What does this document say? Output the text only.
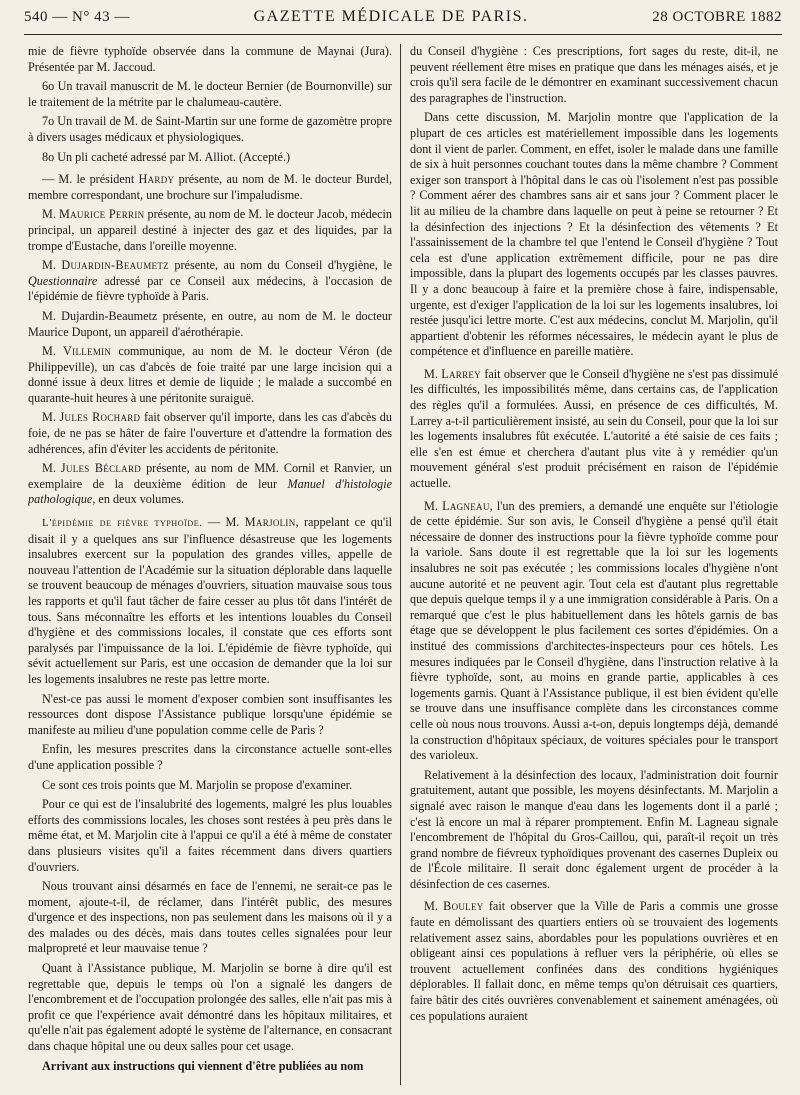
540 — N° 43 —	GAZETTE MÉDICALE DE PARIS.	28 OCTOBRE 1882

mie de fièvre typhoïde observée dans la commune de Maynai (Jura). Présentée par M. Jaccoud.

6o Un travail manuscrit de M. le docteur Bernier (de Bournonville) sur le traitement de la métrite par le chalumeau-cautère.

7o Un travail de M. de Saint-Martin sur une forme de gazomètre propre à divers usages médicaux et physiologiques.

8o Un pli cacheté adressé par M. Alliot. (Accepté.)

— M. le président Hardy présente, au nom de M. le docteur Burdel, membre correspondant, une brochure sur l'impaludisme.

M. Maurice Perrin présente, au nom de M. le docteur Jacob, médecin principal, un appareil destiné à injecter des gaz et des liquides, par la trompe d'Eustache, dans l'oreille moyenne.

M. Dujardin-Beaumetz présente, au nom du Conseil d'hygiène, le Questionnaire adressé par ce Conseil aux médecins, à l'occasion de l'épidémie de fièvre typhoïde à Paris.

M. Dujardin-Beaumetz présente, en outre, au nom de M. le docteur Maurice Dupont, un appareil d'aérothérapie.

M. Villemin communique, au nom de M. le docteur Véron (de Philippeville), un cas d'abcès de foie traité par une large incision qui a donné issue à deux litres et demie de liquide ; le malade a succombé en quarante-huit heures à une péritonite suraiguë.

M. Jules Rochard fait observer qu'il importe, dans les cas d'abcès du foie, de ne pas se hâter de faire l'ouverture et d'attendre la formation des adhérences, afin d'éviter les accidents de péritonite.

M. Jules Béclard présente, au nom de MM. Cornil et Ranvier, un exemplaire de la deuxième édition de leur Manuel d'histologie pathologique, en deux volumes.

L'épidémie de fièvre typhoïde. — M. Marjolin, rappelant ce qu'il disait il y a quelques ans sur l'influence désastreuse que les logements insalubres exercent sur la population des grandes villes, appelle de nouveau l'attention de l'Académie sur la situation déplorable dans laquelle se trouvent beaucoup de ménages d'ouvriers, situation mauvaise sous tous les rapports et qu'il faut tâcher de faire cesser au plus tôt dans l'intérêt de tous. Sans méconnaître les efforts et les intentions louables du Conseil d'hygiène et des commissions locales, il constate que ces efforts sont paralysés par l'impuissance de la loi. L'épidémie de fièvre typhoïde, qui sévit actuellement sur Paris, est une occasion de demander que la loi sur les logements insalubres ne reste pas lettre morte.

N'est-ce pas aussi le moment d'exposer combien sont insuffisantes les ressources dont dispose l'Assistance publique lorsqu'une épidémie se manifeste au milieu d'une population comme celle de Paris ?

Enfin, les mesures prescrites dans la circonstance actuelle sont-elles d'une application possible ?

Ce sont ces trois points que M. Marjolin se propose d'examiner.

Pour ce qui est de l'insalubrité des logements, malgré les plus louables efforts des commissions locales, les choses sont restées à peu près dans le même état, et M. Marjolin cite à l'appui ce qu'il a été à même de constater dans plusieurs visites qu'il a faites récemment dans divers quartiers d'ouvriers.

Nous trouvant ainsi désarmés en face de l'ennemi, ne serait-ce pas le moment, ajoute-t-il, de réclamer, dans l'intérêt public, des mesures d'urgence et des inspections, non pas seulement dans les maisons où il y a des malades ou des décès, mais dans toutes celles signalées pour leur malpropreté et leur mauvaise tenue ?

Quant à l'Assistance publique, M. Marjolin se borne à dire qu'il est regrettable que, depuis le temps où l'on a signalé les dangers de l'encombrement et de l'occupation prolongée des salles, elle n'ait pas mis à profit ce que l'expérience avait démontré dans les hôpitaux militaires, et qu'elle n'ait pas également adopté le système de l'alternance, en consacrant dans chaque hôpital une ou deux salles pour cet usage.

Arrivant aux instructions qui viennent d'être publiées au nom

du Conseil d'hygiène : Ces prescriptions, fort sages du reste, dit-il, ne peuvent réellement être mises en pratique que dans les ménages aisés, et je crois qu'il sera facile de le démontrer en examinant successivement chacun des paragraphes de l'instruction.

Dans cette discussion, M. Marjolin montre que l'application de la plupart de ces articles est matériellement impossible dans les logements dont il vient de parler. Comment, en effet, isoler le malade dans une famille de six à huit personnes couchant toutes dans la même chambre ? Comment exiger son transport à l'hôpital dans le cas où l'isolement n'est pas possible ? Comment aérer des chambres sans air et sans jour ? Comment placer le lit au milieu de la chambre dans laquelle on peut à peine se retourner ? Et la désinfection des injections ? Et la désinfection des vêtements ? Et l'assainissement de la chambre tel que l'entend le Conseil d'hygiène ? Tout cela est d'une application extrêmement difficile, pour ne pas dire impossible, dans la plupart des logements occupés par les classes pauvres. Il y a donc beaucoup à faire et la première chose à faire, indispensable, urgente, est d'exiger l'application de la loi sur les logements insalubres, loi restée jusqu'ici lettre morte. C'est aux médecins, conclut M. Marjolin, qu'il appartient d'obtenir les réformes nécessaires, le médecin ayant le plus de compétence et d'influence en pareille matière.

M. Larrey fait observer que le Conseil d'hygiène ne s'est pas dissimulé les difficultés, les impossibilités même, dans certains cas, de l'application des règles qu'il a formulées. Aussi, en présence de ces difficultés, M. Larrey a-t-il particulièrement insisté, au sein du Conseil, pour que la loi sur les logements insalubres fût exécutée. L'autorité a été saisie de ces faits ; elle s'en est émue et cherchera d'autant plus vite à y remédier qu'un mouvement général s'est produit précisément en raison de l'épidémie actuelle.

M. Lagneau, l'un des premiers, a demandé une enquête sur l'étiologie de cette épidémie. Sur son avis, le Conseil d'hygiène a pensé qu'il était nécessaire de donner des instructions pour la fièvre typhoïde comme pour la variole. Sans doute il est regrettable que la loi sur les logements insalubres ne soit pas exécutée ; les commissions locales d'hygiène n'ont aucune autorité et ne peuvent agir. Tout cela est d'autant plus regrettable que depuis quelque temps il y a une immigration considérable à Paris. On a remarqué que c'est le plus habituellement dans les hôtels garnis de bas étage que se développent le plus facilement ces sortes d'épidémies. On a institué des commissions d'architectes-inspecteurs pour ces hôtels. Les mesures indiquées par le Conseil d'hygiène, dans l'instruction relative à la fièvre typhoïde, sont, au moins en grande partie, applicables à ces logements garnis. Quant à l'Assistance publique, il est bien évident qu'elle se trouve dans une insuffisance complète dans les circonstances comme celle où nous nous trouvons. Aussi a-t-on, depuis longtemps déjà, demandé la construction d'hôpitaux spéciaux, de voitures spéciales pour le transport des varioleux.

Relativement à la désinfection des locaux, l'administration doit fournir gratuitement, autant que possible, les moyens désinfectants. M. Marjolin a signalé avec raison le manque d'eau dans les logements dont il a parlé ; c'est là encore un mal à réparer promptement. Enfin M. Lagneau signale l'encombrement de l'hôpital du Gros-Caillou, qui, paraît-il reçoit un très grand nombre de fiévreux typhoïdiques provenant des casernes Dupleix ou de l'École militaire. Il serait donc également urgent de procéder à la désinfection de ces casernes.

M. Bouley fait observer que la Ville de Paris a commis une grosse faute en démolissant des quartiers entiers où se trouvaient des logements relativement assez sains, abordables pour les populations ouvrières et en obligeant ainsi ces populations à refluer vers la périphérie, où elles se trouvent actuellement confinées dans des conditions hygiéniques déplorables. Il fallait donc, en même temps qu'on détruisait ces quartiers, faire bâtir des cités ouvrières convenablement et sainement aménagées, où ces populations auraient
